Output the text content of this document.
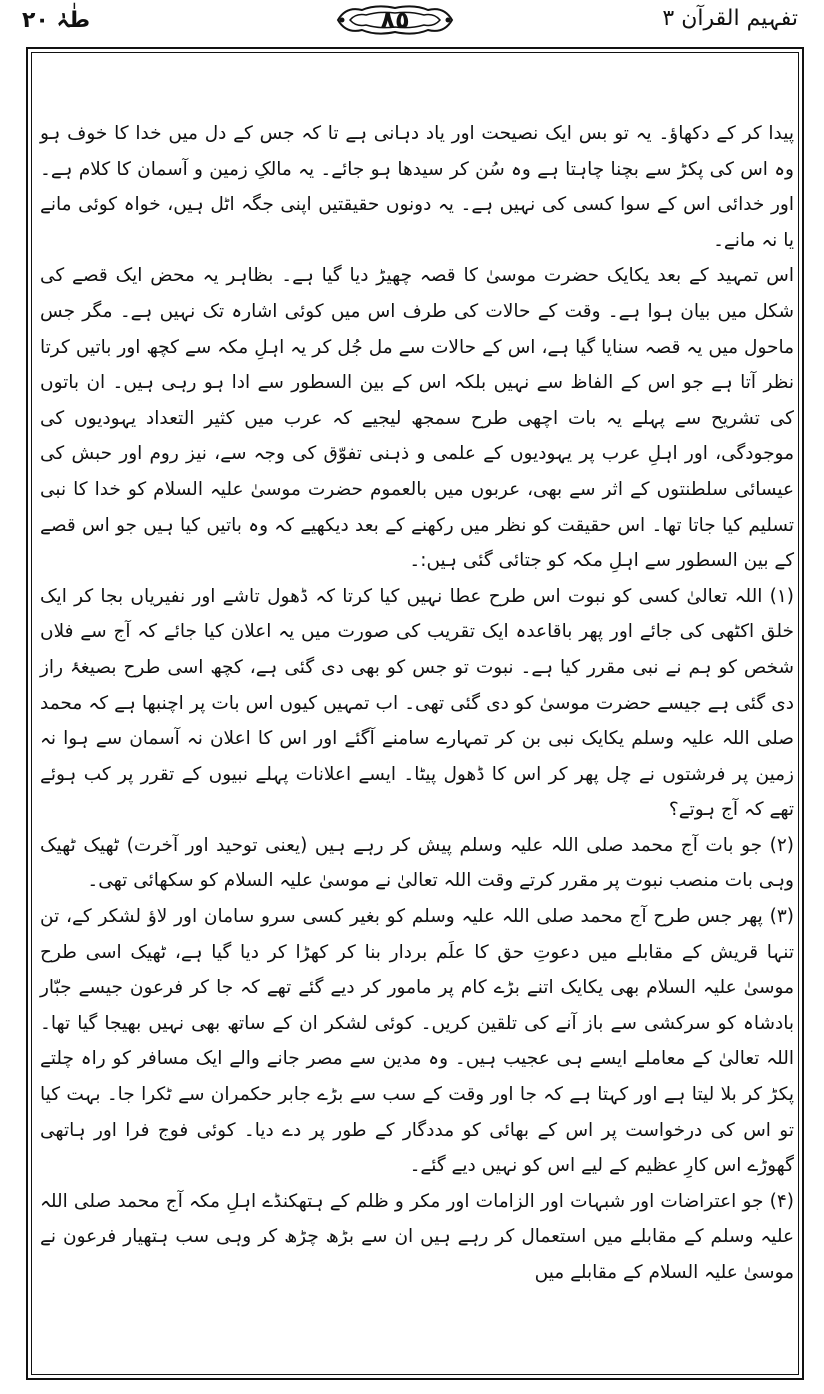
طٰہٰ ٢٠	٨٥	تفہیم القرآن ۳

پیدا کر کے دکھاؤ۔ یہ تو بس ایک نصیحت اور یاد دہانی ہے تا کہ جس کے دل میں خدا کا خوف ہو وہ اس کی پکڑ سے بچنا چاہتا ہے وہ سُن کر سیدھا ہو جائے۔ یہ مالکِ زمین و آسمان کا کلام ہے۔ اور خدائی اس کے سوا کسی کی نہیں ہے۔ یہ دونوں حقیقتیں اپنی جگہ اٹل ہیں، خواہ کوئی مانے یا نہ مانے۔

اس تمہید کے بعد یکایک حضرت موسیٰ کا قصہ چھیڑ دیا گیا ہے۔ بظاہر یہ محض ایک قصے کی شکل میں بیان ہوا ہے۔ وقت کے حالات کی طرف اس میں کوئی اشارہ تک نہیں ہے۔ مگر جس ماحول میں یہ قصہ سنایا گیا ہے، اس کے حالات سے مل جُل کر یہ اہلِ مکہ سے کچھ اور باتیں کرتا نظر آتا ہے جو اس کے الفاظ سے نہیں بلکہ اس کے بین السطور سے ادا ہو رہی ہیں۔ ان باتوں کی تشریح سے پہلے یہ بات اچھی طرح سمجھ لیجیے کہ عرب میں کثیر التعداد یہودیوں کی موجودگی، اور اہلِ عرب پر یہودیوں کے علمی و ذہنی تفوّق کی وجہ سے، نیز روم اور حبش کی عیسائی سلطنتوں کے اثر سے بھی، عربوں میں بالعموم حضرت موسیٰ علیہ السلام کو خدا کا نبی تسلیم کیا جاتا تھا۔ اس حقیقت کو نظر میں رکھنے کے بعد دیکھیے کہ وہ باتیں کیا ہیں جو اس قصے کے بین السطور سے اہلِ مکہ کو جتائی گئی ہیں:۔

(۱) اللہ تعالیٰ کسی کو نبوت اس طرح عطا نہیں کیا کرتا کہ ڈھول تاشے اور نفیریاں بجا کر ایک خلق اکٹھی کی جائے اور پھر باقاعدہ ایک تقریب کی صورت میں یہ اعلان کیا جائے کہ آج سے فلاں شخص کو ہم نے نبی مقرر کیا ہے۔ نبوت تو جس کو بھی دی گئی ہے، کچھ اسی طرح بصیغۂ راز دی گئی ہے جیسے حضرت موسیٰ کو دی گئی تھی۔ اب تمہیں کیوں اس بات پر اچنبھا ہے کہ محمد صلی اللہ علیہ وسلم یکایک نبی بن کر تمہارے سامنے آگئے اور اس کا اعلان نہ آسمان سے ہوا نہ زمین پر فرشتوں نے چل پھر کر اس کا ڈھول پیٹا۔ ایسے اعلانات پہلے نبیوں کے تقرر پر کب ہوئے تھے کہ آج ہوتے؟

(۲) جو بات آج محمد صلی اللہ علیہ وسلم پیش کر رہے ہیں (یعنی توحید اور آخرت) ٹھیک ٹھیک وہی بات منصب نبوت پر مقرر کرتے وقت اللہ تعالیٰ نے موسیٰ علیہ السلام کو سکھائی تھی۔

(۳) پھر جس طرح آج محمد صلی اللہ علیہ وسلم کو بغیر کسی سرو سامان اور لاؤ لشکر کے، تن تنہا قریش کے مقابلے میں دعوتِ حق کا علَم بردار بنا کر کھڑا کر دیا گیا ہے، ٹھیک اسی طرح موسیٰ علیہ السلام بھی یکایک اتنے بڑے کام پر مامور کر دیے گئے تھے کہ جا کر فرعون جیسے جبّار بادشاہ کو سرکشی سے باز آنے کی تلقین کریں۔ کوئی لشکر ان کے ساتھ بھی نہیں بھیجا گیا تھا۔ اللہ تعالیٰ کے معاملے ایسے ہی عجیب ہیں۔ وہ مدین سے مصر جانے والے ایک مسافر کو راہ چلتے پکڑ کر بلا لیتا ہے اور کہتا ہے کہ جا اور وقت کے سب سے بڑے جابر حکمران سے ٹکرا جا۔ بہت کیا تو اس کی درخواست پر اس کے بھائی کو مددگار کے طور پر دے دیا۔ کوئی فوج فرا اور ہاتھی گھوڑے اس کارِ عظیم کے لیے اس کو نہیں دیے گئے۔

(۴) جو اعتراضات اور شبہات اور الزامات اور مکر و ظلم کے ہتھکنڈے اہلِ مکہ آج محمد صلی اللہ علیہ وسلم کے مقابلے میں استعمال کر رہے ہیں ان سے بڑھ چڑھ کر وہی سب ہتھیار فرعون نے موسیٰ علیہ السلام کے مقابلے میں
